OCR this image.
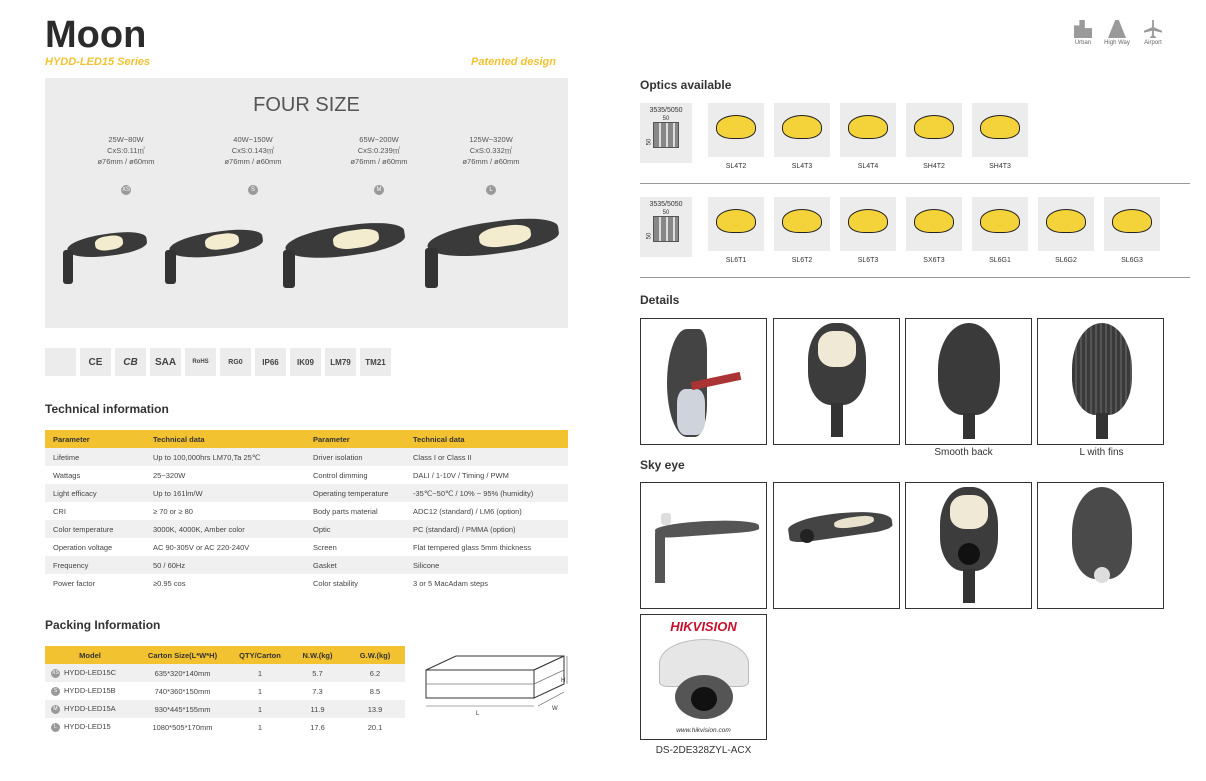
Moon
HYDD-LED15 Series	Patented design
Urban	High Way	Airport
FOUR SIZE
25W~80W
CxS:0.11㎡
ø76mm / ø60mm
XS
40W~150W
CxS:0.143㎡
ø76mm / ø60mm
S
65W~200W
CxS:0.239㎡
ø76mm / ø60mm
M
125W~320W
CxS:0.332㎡
ø76mm / ø60mm
L
CE	CB	SAA	RoHS	RG0	IP66	IK09	LM79	TM21
Technical information
Parameter	Technical data	Parameter	Technical data
Lifetime	Up to 100,000hrs LM70,Ta 25℃	Driver isolation	Class I or Class II
Wattags	25~320W	Control dimming	DALI / 1-10V / Timing / PWM
Light efficacy	Up to 161lm/W	Operating temperature	-35℃~50℃ / 10% ~ 95% (humidity)
CRI	≥ 70 or ≥ 80	Body parts material	ADC12 (standard) / LM6 (option)
Color temperature	3000K, 4000K, Amber color	Optic	PC (standard) / PMMA (option)
Operation voltage	AC 90-305V or AC 220-240V	Screen	Flat tempered glass 5mm thickness
Frequency	50 / 60Hz	Gasket	Silicone
Power factor	≥0.95 cos	Color stability	3 or 5 MacAdam steps
Packing Information
Model	Carton Size(L*W*H)	QTY/Carton	N.W.(kg)	G.W.(kg)
XS HYDD-LED15C	635*320*140mm	1	5.7	6.2
S HYDD-LED15B	740*360*150mm	1	7.3	8.5
M HYDD-LED15A	930*445*155mm	1	11.9	13.9
L HYDD-LED15	1080*505*170mm	1	17.6	20.1
H
W
L
Optics available
3535/5050
50
50
SL4T2	SL4T3	SL4T4	SH4T2	SH4T3
3535/5050
50
50
SL6T1	SL6T2	SL6T3	SX6T3	SL6G1	SL6G2	SL6G3
Details
Smooth back	L with fins
Sky eye
HIKVISION
www.hikvision.com
DS-2DE328ZYL-ACX
